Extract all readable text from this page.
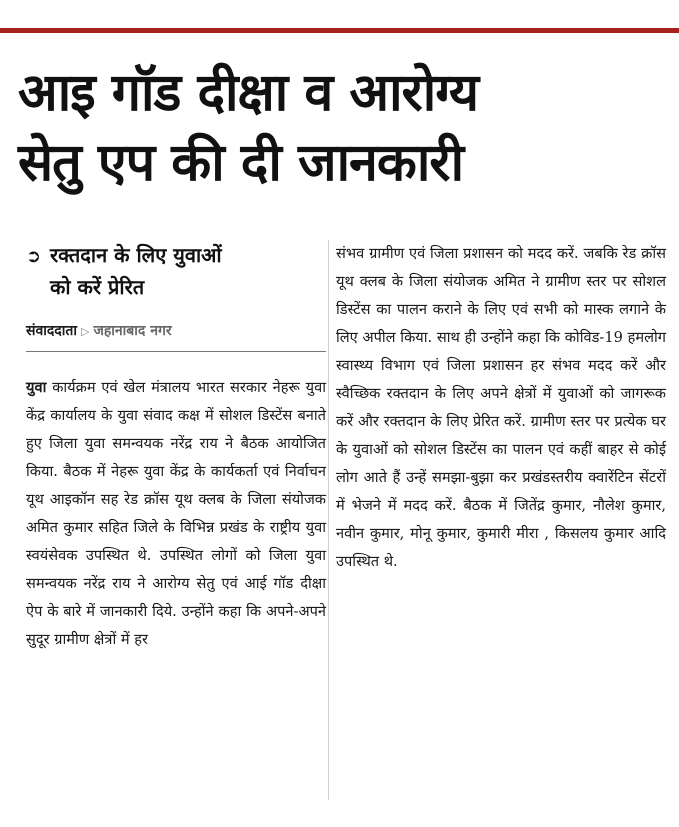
आइ गॉड दीक्षा व आरोग्य
सेतु एप की दी जानकारी
➲ रक्तदान के लिए युवाओं
को करें प्रेरित
संवाददाता ▷ जहानाबाद नगर

युवा कार्यक्रम एवं खेल मंत्रालय भारत सरकार नेहरू युवा केंद्र कार्यालय के युवा संवाद कक्ष में सोशल डिस्टेंस बनाते हुए जिला युवा समन्वयक नरेंद्र राय ने बैठक आयोजित किया. बैठक में नेहरू युवा केंद्र के कार्यकर्ता एवं निर्वाचन यूथ आइकॉन सह रेड क्रॉस यूथ क्लब के जिला संयोजक अमित कुमार सहित जिले के विभिन्न प्रखंड के राष्ट्रीय युवा स्वयंसेवक उपस्थित थे. उपस्थित लोगों को जिला युवा समन्वयक नरेंद्र राय ने आरोग्य सेतु एवं आई गॉड दीक्षा ऐप के बारे में जानकारी दिये. उन्होंने कहा कि अपने-अपने सुदूर ग्रामीण क्षेत्रों में हर

संभव ग्रामीण एवं जिला प्रशासन को मदद करें. जबकि रेड क्रॉस यूथ क्लब के जिला संयोजक अमित ने ग्रामीण स्तर पर सोशल डिस्टेंस का पालन कराने के लिए एवं सभी को मास्क लगाने के लिए अपील किया. साथ ही उन्होंने कहा कि कोविड-19 हमलोग स्वास्थ्य विभाग एवं जिला प्रशासन हर संभव मदद करें और स्वैच्छिक रक्तदान के लिए अपने क्षेत्रों में युवाओं को जागरूक करें और रक्तदान के लिए प्रेरित करें. ग्रामीण स्तर पर प्रत्येक घर के युवाओं को सोशल डिस्टेंस का पालन एवं कहीं बाहर से कोई लोग आते हैं उन्हें समझा-बुझा कर प्रखंडस्तरीय क्वारेंटिन सेंटरों में भेजने में मदद करें. बैठक में जितेंद्र कुमार, नौलेश कुमार, नवीन कुमार, मोनू कुमार, कुमारी मीरा , किसलय कुमार आदि उपस्थित थे.
